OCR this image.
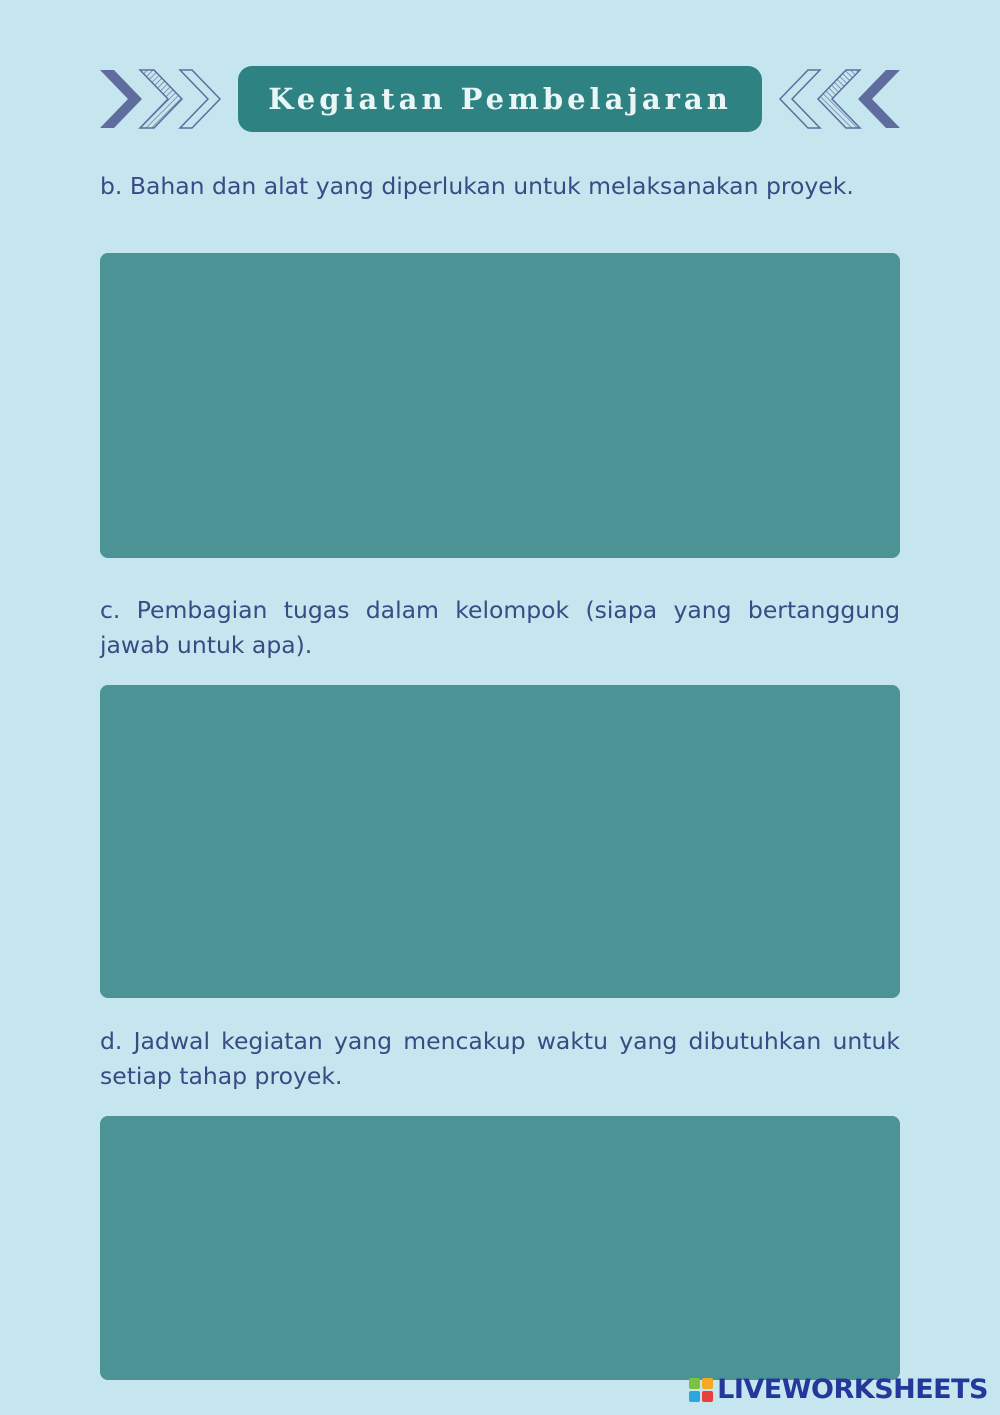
Kegiatan Pembelajaran
b. Bahan dan alat yang diperlukan untuk melaksanakan proyek.
c. Pembagian tugas dalam kelompok (siapa yang bertanggung jawab untuk apa).
d. Jadwal kegiatan yang mencakup waktu yang dibutuhkan untuk setiap tahap proyek.
LIVEWORKSHEETS
